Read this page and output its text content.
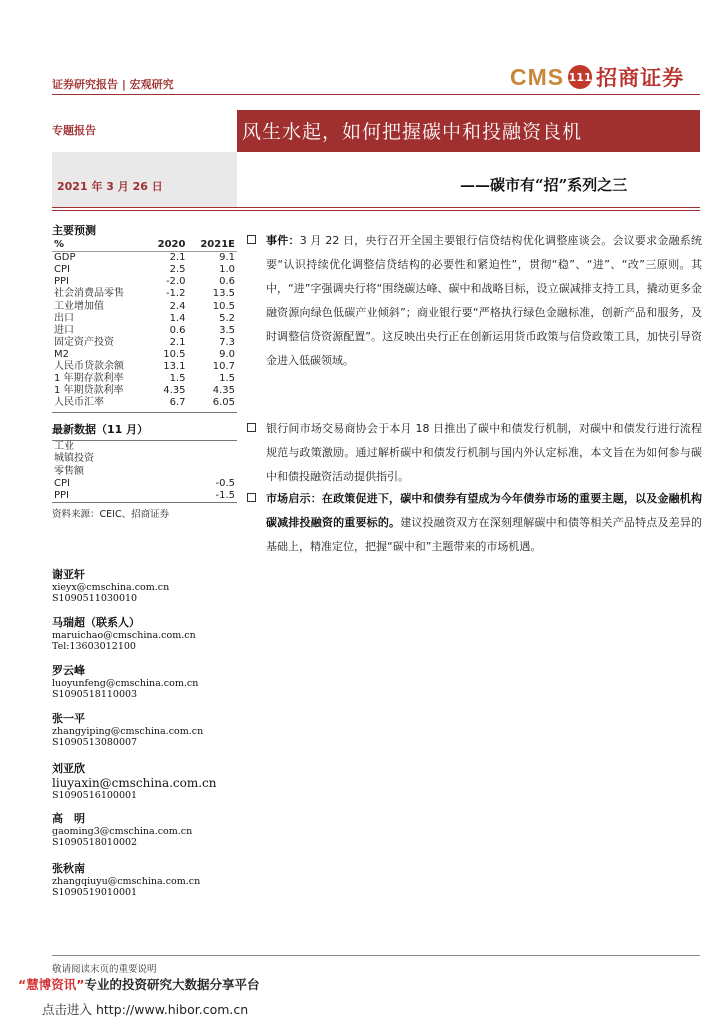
证券研究报告 | 宏观研究	CMS 111 招商证券
专题报告	风生水起，如何把握碳中和投融资良机
2021 年 3 月 26 日	——碳市有“招”系列之三
主要预测
%	2020	2021E
GDP	2.1	9.1
CPI	2.5	1.0
PPI	-2.0	0.6
社会消费品零售	-1.2	13.5
工业增加值	2.4	10.5
出口	1.4	5.2
进口	0.6	3.5
固定资产投资	2.1	7.3
M2	10.5	9.0
人民币贷款余额	13.1	10.7
1 年期存款利率	1.5	1.5
1 年期贷款利率	4.35	4.35
人民币汇率	6.7	6.05
最新数据（11 月）
工业	
城镇投资	
零售额	
CPI	-0.5
PPI	-1.5
资料来源：CEIC、招商证券
谢亚轩
xieyx@cmschina.com.cn
S1090511030010
马瑞超（联系人）
maruichao@cmschina.com.cn
Tel:13603012100
罗云峰
luoyunfeng@cmschina.com.cn
S1090518110003
张一平
zhangyiping@cmschina.com.cn
S1090513080007
刘亚欣
liuyaxin@cmschina.com.cn
S1090516100001
高　明
gaoming3@cmschina.com.cn
S1090518010002
张秋南
zhangqiuyu@cmschina.com.cn
S1090519010001
事件：3 月 22 日，央行召开全国主要银行信贷结构优化调整座谈会。会议要求金融系统要“认识持续优化调整信贷结构的必要性和紧迫性”，贯彻“稳”、“进”、“改”三原则。其中，“进”字强调央行将“围绕碳达峰、碳中和战略目标，设立碳减排支持工具，撬动更多金融资源向绿色低碳产业倾斜”；商业银行要“严格执行绿色金融标准，创新产品和服务，及时调整信贷资源配置”。这反映出央行正在创新运用货币政策与信贷政策工具，加快引导资金进入低碳领域。
银行间市场交易商协会于本月 18 日推出了碳中和债发行机制，对碳中和债发行进行流程规范与政策激励。通过解析碳中和债发行机制与国内外认定标准，本文旨在为如何参与碳中和债投融资活动提供指引。
市场启示：在政策促进下，碳中和债券有望成为今年债券市场的重要主题，以及金融机构碳减排投融资的重要标的。建议投融资双方在深刻理解碳中和债等相关产品特点及差异的基础上，精准定位，把握“碳中和”主题带来的市场机遇。
敬请阅读末页的重要说明
“慧博资讯”专业的投资研究大数据分享平台
点击进入 http://www.hibor.com.cn
